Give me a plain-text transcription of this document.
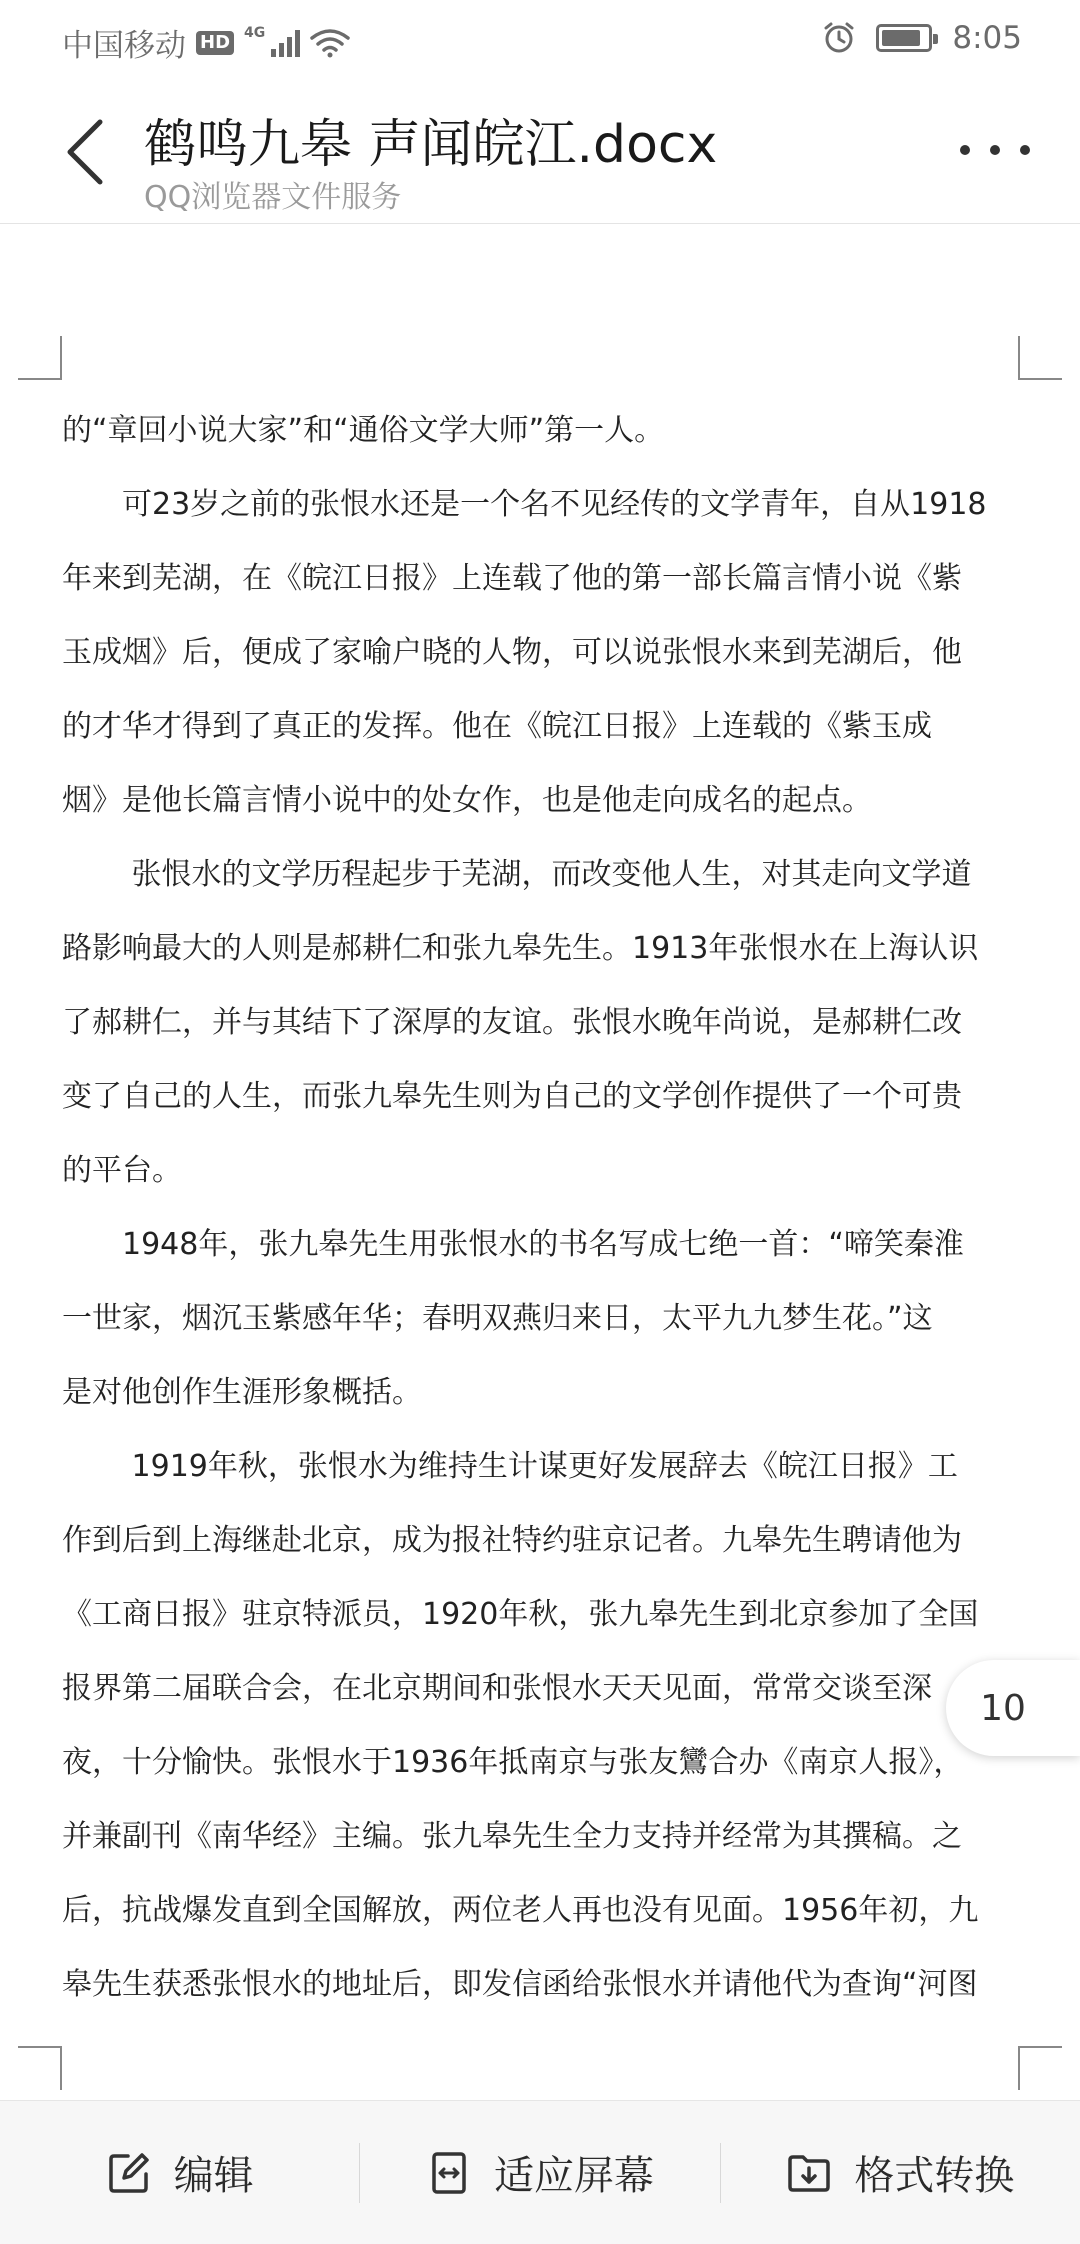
中国移动 HD 4G	8:05
鹤鸣九皋 声闻皖江.docx
QQ浏览器文件服务
的“章回小说大家”和“通俗文学大师”第一人。
　　可23岁之前的张恨水还是一个名不见经传的文学青年，自从1918
年来到芜湖，在《皖江日报》上连载了他的第一部长篇言情小说《紫
玉成烟》后，便成了家喻户晓的人物，可以说张恨水来到芜湖后，他
的才华才得到了真正的发挥。他在《皖江日报》上连载的《紫玉成
烟》是他长篇言情小说中的处女作，也是他走向成名的起点。
　　 张恨水的文学历程起步于芜湖，而改变他人生，对其走向文学道
路影响最大的人则是郝耕仁和张九皋先生。1913年张恨水在上海认识
了郝耕仁，并与其结下了深厚的友谊。张恨水晚年尚说，是郝耕仁改
变了自己的人生，而张九皋先生则为自己的文学创作提供了一个可贵
的平台。
　　1948年，张九皋先生用张恨水的书名写成七绝一首：“啼笑秦淮
一世家，烟沉玉紫感年华；春明双燕归来日，太平九九梦生花。”这
是对他创作生涯形象概括。
　　 1919年秋，张恨水为维持生计谋更好发展辞去《皖江日报》工
作到后到上海继赴北京，成为报社特约驻京记者。九皋先生聘请他为
《工商日报》驻京特派员，1920年秋，张九皋先生到北京参加了全国
报界第二届联合会，在北京期间和张恨水天天见面，常常交谈至深
夜，十分愉快。张恨水于1936年抵南京与张友鸞合办《南京人报》，
并兼副刊《南华经》主编。张九皋先生全力支持并经常为其撰稿。之
后，抗战爆发直到全国解放，两位老人再也没有见面。1956年初，九
皋先生获悉张恨水的地址后，即发信函给张恨水并请他代为查询“河图
10
编辑	适应屏幕	格式转换
